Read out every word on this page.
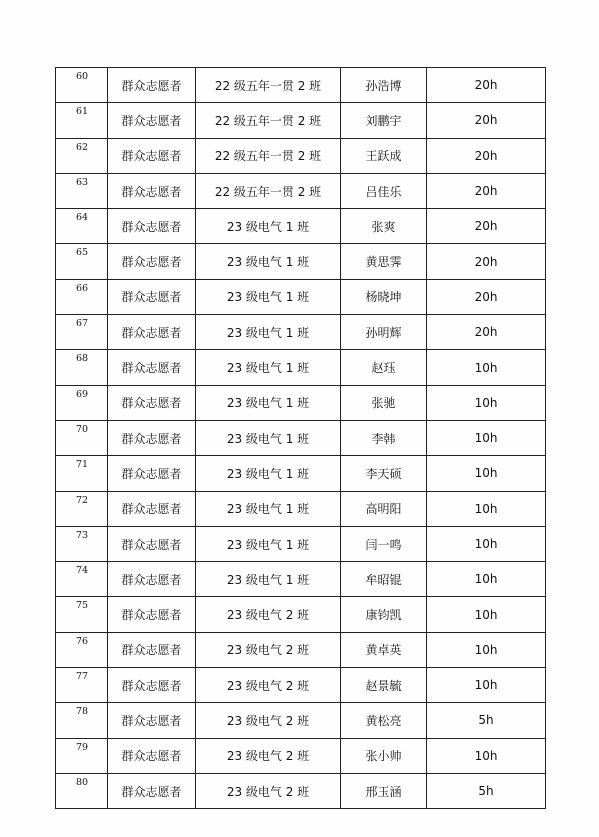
60	群众志愿者	22 级五年一贯 2 班	孙浩博	20h
61	群众志愿者	22 级五年一贯 2 班	刘鹏宇	20h
62	群众志愿者	22 级五年一贯 2 班	王跃成	20h
63	群众志愿者	22 级五年一贯 2 班	吕佳乐	20h
64	群众志愿者	23 级电气 1 班	张爽	20h
65	群众志愿者	23 级电气 1 班	黄思霁	20h
66	群众志愿者	23 级电气 1 班	杨晓坤	20h
67	群众志愿者	23 级电气 1 班	孙明辉	20h
68	群众志愿者	23 级电气 1 班	赵珏	10h
69	群众志愿者	23 级电气 1 班	张驰	10h
70	群众志愿者	23 级电气 1 班	李韩	10h
71	群众志愿者	23 级电气 1 班	李天硕	10h
72	群众志愿者	23 级电气 1 班	高明阳	10h
73	群众志愿者	23 级电气 1 班	闫一鸣	10h
74	群众志愿者	23 级电气 1 班	牟昭锟	10h
75	群众志愿者	23 级电气 2 班	康钧凯	10h
76	群众志愿者	23 级电气 2 班	黄卓英	10h
77	群众志愿者	23 级电气 2 班	赵景毓	10h
78	群众志愿者	23 级电气 2 班	黄松亮	5h
79	群众志愿者	23 级电气 2 班	张小帅	10h
80	群众志愿者	23 级电气 2 班	邢玉涵	5h
